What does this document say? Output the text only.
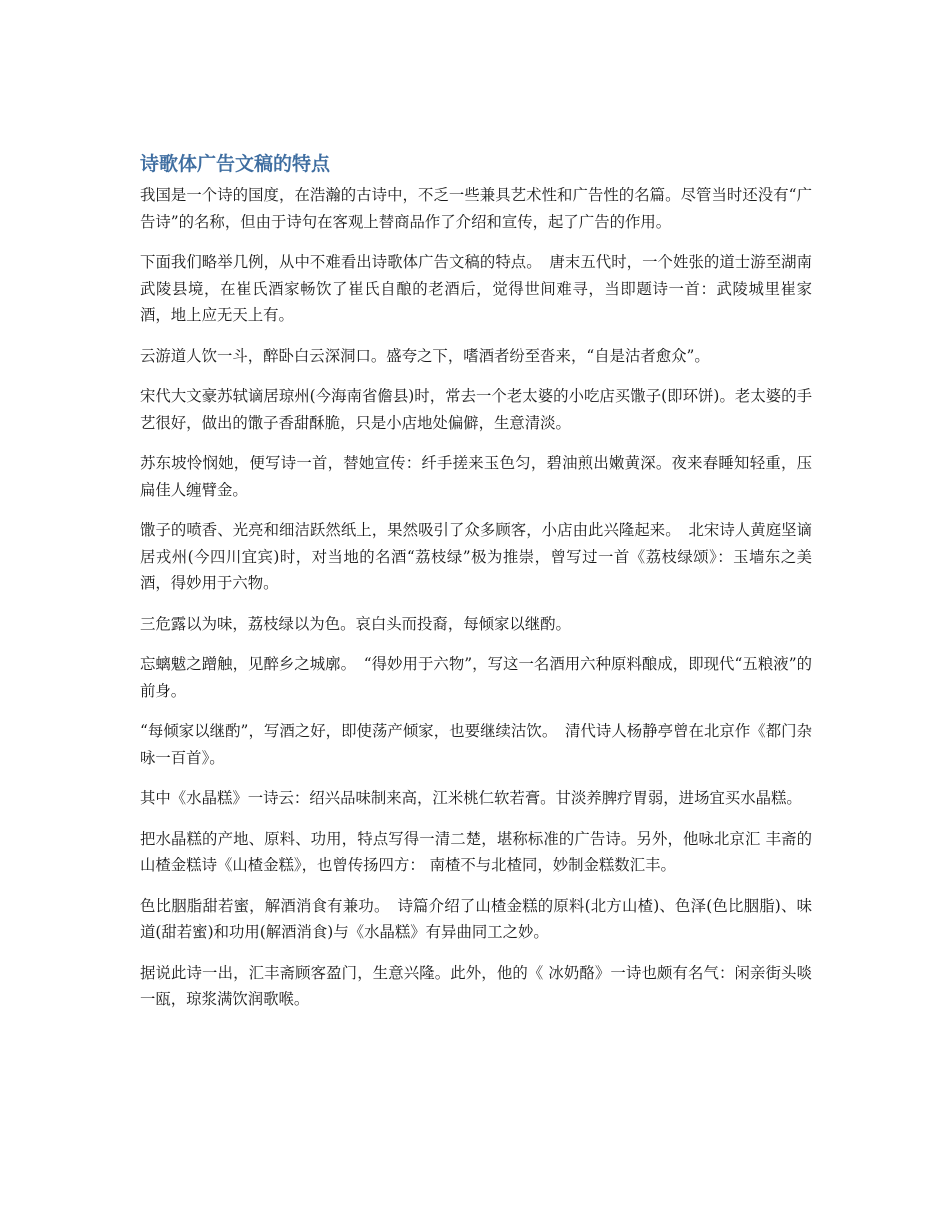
诗歌体广告文稿的特点

我国是一个诗的国度，在浩瀚的古诗中，不乏一些兼具艺术性和广告性的名篇。尽管当时还没有“广告诗”的名称，但由于诗句在客观上替商品作了介绍和宣传，起了广告的作用。

下面我们略举几例，从中不难看出诗歌体广告文稿的特点。　唐末五代时，一个姓张的道士游至湖南武陵县境，在崔氏酒家畅饮了崔氏自酿的老酒后，觉得世间难寻，当即题诗一首：武陵城里崔家酒，地上应无天上有。

云游道人饮一斗，醉卧白云深洞口。盛夸之下，嗜酒者纷至沓来，“自是沽者愈众”。

宋代大文豪苏轼谪居琼州(今海南省儋县)时，常去一个老太婆的小吃店买馓子(即环饼)。老太婆的手艺很好，做出的馓子香甜酥脆，只是小店地处偏僻，生意清淡。

苏东坡怜悯她，便写诗一首，替她宣传：纤手搓来玉色匀，碧油煎出嫩黄深。夜来春睡知轻重，压扁佳人缠臂金。

馓子的喷香、光亮和细洁跃然纸上，果然吸引了众多顾客，小店由此兴隆起来。　北宋诗人黄庭坚谪居戎州(今四川宜宾)时，对当地的名酒“荔枝绿”极为推崇，曾写过一首《荔枝绿颂》：玉墙东之美酒，得妙用于六物。

三危露以为味，荔枝绿以为色。哀白头而投裔，每倾家以继酌。

忘螭魃之蹭触，见醉乡之城廓。　“得妙用于六物”，写这一名酒用六种原料酿成，即现代“五粮液”的前身。

“每倾家以继酌”，写酒之好，即使荡产倾家，也要继续沽饮。　清代诗人杨静亭曾在北京作《都门杂咏一百首》。

其中《水晶糕》一诗云：绍兴品味制来高，江米桃仁软若膏。甘淡养脾疗胃弱，进场宜买水晶糕。

把水晶糕的产地、原料、功用，特点写得一清二楚，堪称标准的广告诗。另外，他咏北京汇 丰斋的山楂金糕诗《山楂金糕》，也曾传扬四方： 南楂不与北楂同，妙制金糕数汇丰。

色比胭脂甜若蜜，解酒消食有兼功。　诗篇介绍了山楂金糕的原料(北方山楂)、色泽(色比胭脂)、味道(甜若蜜)和功用(解酒消食)与《水晶糕》有异曲同工之妙。

据说此诗一出，汇丰斋顾客盈门，生意兴隆。此外，他的《 冰奶酪》一诗也颇有名气：闲亲街头啖一瓯，琼浆满饮润歌喉。
